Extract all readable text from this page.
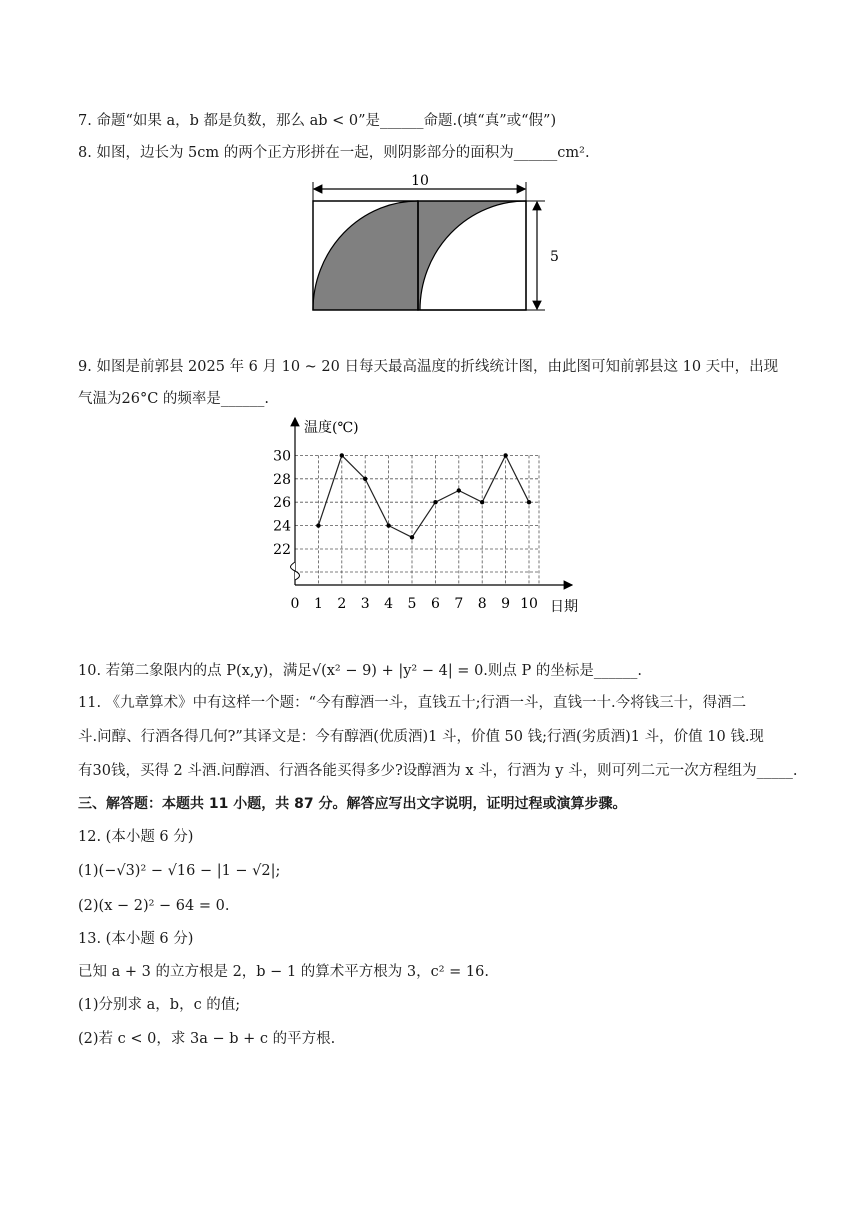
7. 命题“如果 a，b 都是负数，那么 ab < 0”是______命题.(填“真”或“假”)
8. 如图，边长为 5cm 的两个正方形拼在一起，则阴影部分的面积为______cm².
10
5
9. 如图是前郭县 2025 年 6 月 10 ~ 20 日每天最高温度的折线统计图，由此图可知前郭县这 10 天中，出现
气温为26°C 的频率是______.
温度(℃)
日期
0 1 2 3 4 5 6 7 8 9 10
22
24
26
28
30
10. 若第二象限内的点 P(x,y)，满足√(x² − 9) + |y² − 4| = 0.则点 P 的坐标是______.
11. 《九章算术》中有这样一个题：“今有醇酒一斗，直钱五十;行酒一斗，直钱一十.今将钱三十，得酒二
斗.问醇、行酒各得几何?”其译文是：今有醇酒(优质酒)1 斗，价值 50 钱;行酒(劣质酒)1 斗，价值 10 钱.现
有30钱，买得 2 斗酒.问醇酒、行酒各能买得多少?设醇酒为 x 斗，行酒为 y 斗，则可列二元一次方程组为_____.
三、解答题：本题共 11 小题，共 87 分。解答应写出文字说明，证明过程或演算步骤。
12. (本小题 6 分)
(1)(−√3)² − √16 − |1 − √2|;
(2)(x − 2)² − 64 = 0.
13. (本小题 6 分)
已知 a + 3 的立方根是 2，b − 1 的算术平方根为 3，c² = 16.
(1)分别求 a，b，c 的值;
(2)若 c < 0，求 3a − b + c 的平方根.
